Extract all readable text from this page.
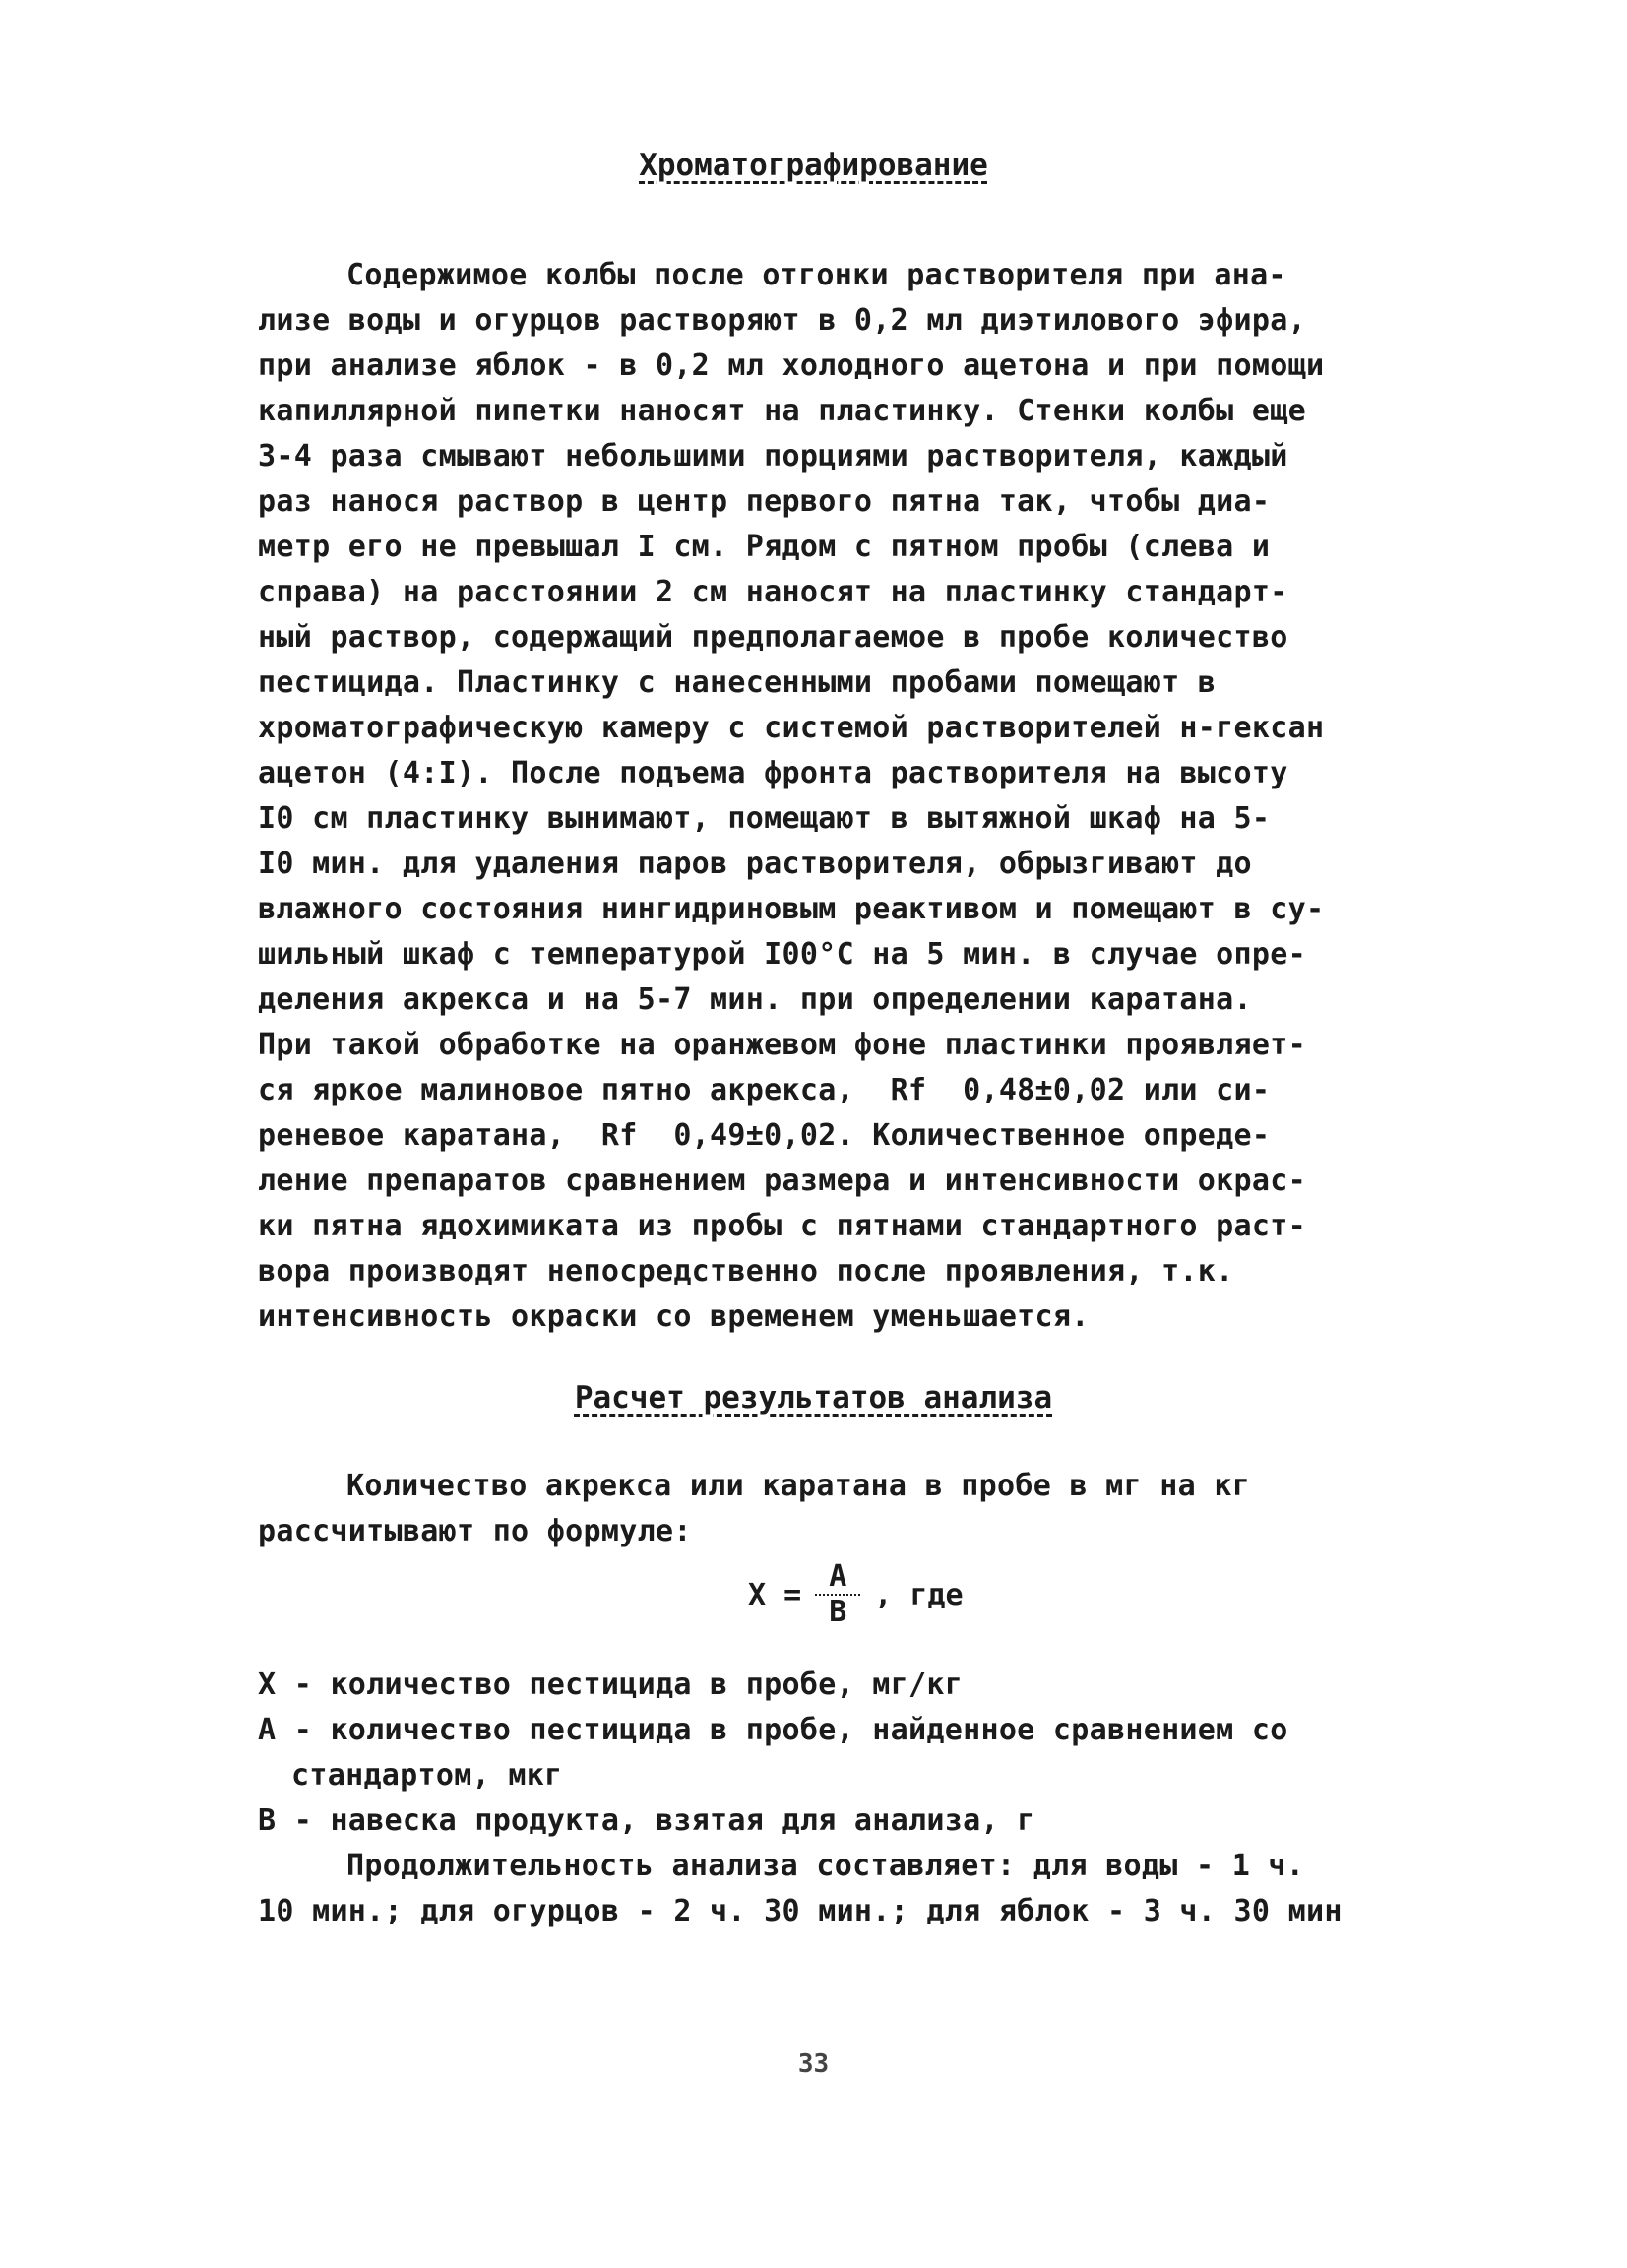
Хроматографирование
Содержимое колбы после отгонки растворителя при ана-
лизе воды и огурцов растворяют в 0,2 мл диэтилового эфира,
при анализе яблок - в 0,2 мл холодного ацетона и при помощи
капиллярной пипетки наносят на пластинку. Стенки колбы еще
3-4 раза смывают небольшими порциями растворителя, каждый
раз нанося раствор в центр первого пятна так, чтобы диа-
метр его не превышал I см. Рядом с пятном пробы (слева и
справа) на расстоянии 2 см наносят на пластинку стандарт-
ный раствор, содержащий предполагаемое в пробе количество
пестицида. Пластинку с нанесенными пробами помещают в
хроматографическую камеру с системой растворителей н-гексан
ацетон (4:I). После подъема фронта растворителя на высоту
I0 см пластинку вынимают, помещают в вытяжной шкаф на 5-
I0 мин. для удаления паров растворителя, обрызгивают до
влажного состояния нингидриновым реактивом и помещают в су-
шильный шкаф с температурой I00°С на 5 мин. в случае опре-
деления акрекса и на 5-7 мин. при определении каратана.
При такой обработке на оранжевом фоне пластинки проявляет-
ся яркое малиновое пятно акрекса,  Rf  0,48±0,02 или си-
реневое каратана,  Rf  0,49±0,02. Количественное опреде-
ление препаратов сравнением размера и интенсивности окрас-
ки пятна ядохимиката из пробы с пятнами стандартного раст-
вора производят непосредственно после проявления, т.к.
интенсивность окраски со временем уменьшается.
Расчет результатов анализа
Количество акрекса или каратана в пробе в мг на кг
рассчитывают по формуле:
$X = \frac{A}{B}$ , где
X - количество пестицида в пробе, мг/кг
A - количество пестицида в пробе, найденное сравнением со
стандартом, мкг
B - навеска продукта, взятая для анализа, г
Продолжительность анализа составляет: для воды - 1 ч.
10 мин.; для огурцов - 2 ч. 30 мин.; для яблок - 3 ч. 30 мин
33
